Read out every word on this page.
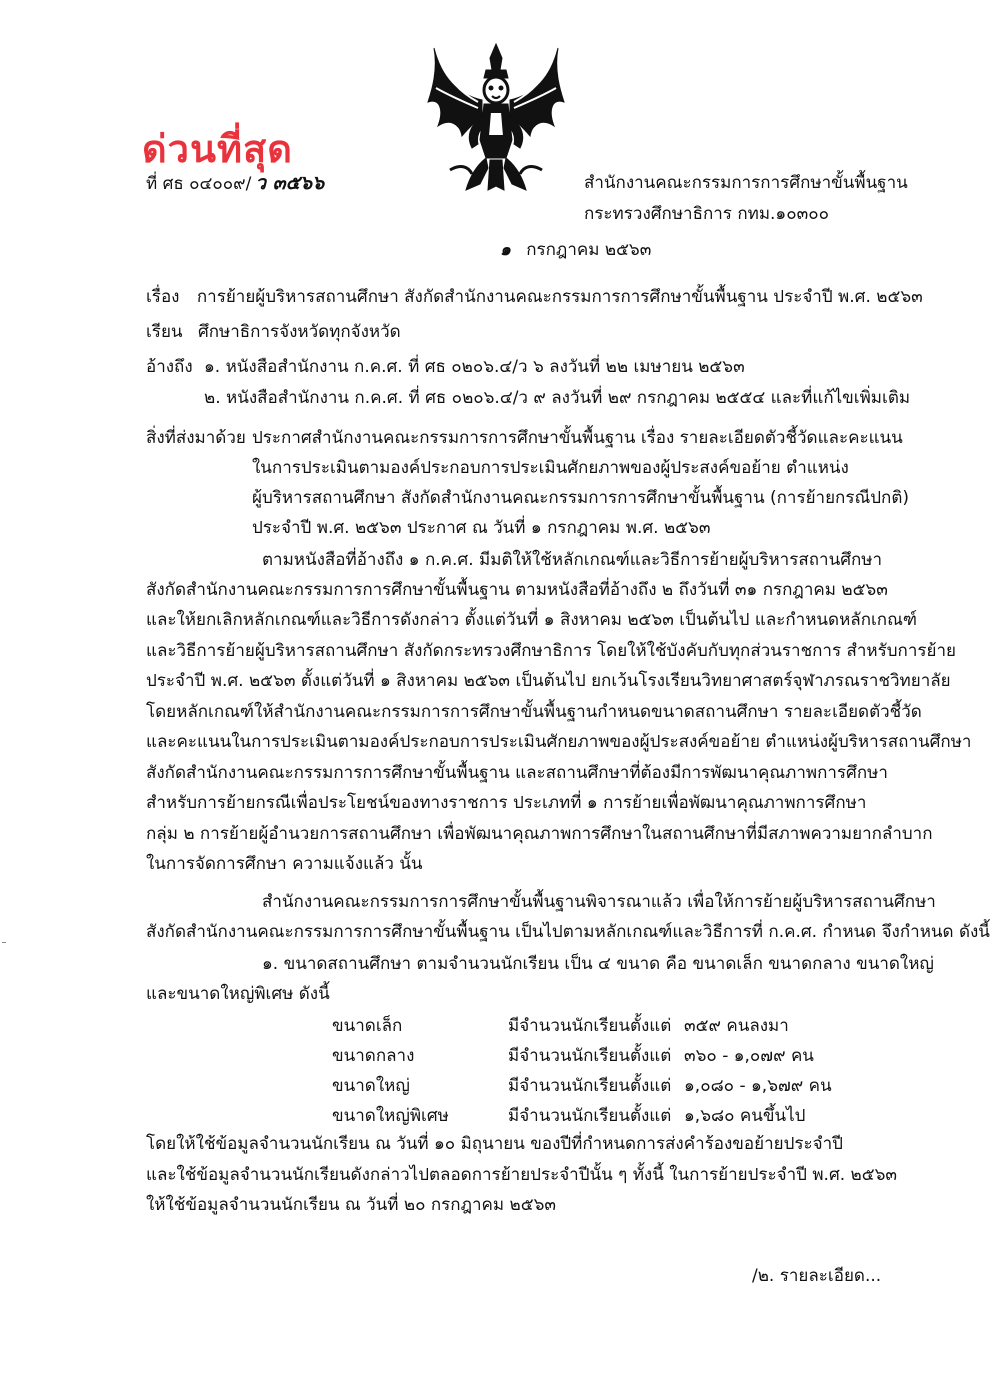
ด่วนที่สุด
ที่ ศธ ๐๔๐๐๙/ ว ๓๕๖๖	สำนักงานคณะกรรมการการศึกษาขั้นพื้นฐาน
กระทรวงศึกษาธิการ กทม.๑๐๓๐๐
๑ กรกฎาคม ๒๕๖๓
เรื่อง การย้ายผู้บริหารสถานศึกษา สังกัดสำนักงานคณะกรรมการการศึกษาขั้นพื้นฐาน ประจำปี พ.ศ. ๒๕๖๓
เรียน ศึกษาธิการจังหวัดทุกจังหวัด
อ้างถึง ๑. หนังสือสำนักงาน ก.ค.ศ. ที่ ศธ ๐๒๐๖.๔/ว ๖ ลงวันที่ ๒๒ เมษายน ๒๕๖๓
๒. หนังสือสำนักงาน ก.ค.ศ. ที่ ศธ ๐๒๐๖.๔/ว ๙ ลงวันที่ ๒๙ กรกฎาคม ๒๕๕๔ และที่แก้ไขเพิ่มเติม
สิ่งที่ส่งมาด้วย ประกาศสำนักงานคณะกรรมการการศึกษาขั้นพื้นฐาน เรื่อง รายละเอียดตัวชี้วัดและคะแนน
ในการประเมินตามองค์ประกอบการประเมินศักยภาพของผู้ประสงค์ขอย้าย ตำแหน่ง
ผู้บริหารสถานศึกษา สังกัดสำนักงานคณะกรรมการการศึกษาขั้นพื้นฐาน (การย้ายกรณีปกติ)
ประจำปี พ.ศ. ๒๕๖๓ ประกาศ ณ วันที่ ๑ กรกฎาคม พ.ศ. ๒๕๖๓
ตามหนังสือที่อ้างถึง ๑ ก.ค.ศ. มีมติให้ใช้หลักเกณฑ์และวิธีการย้ายผู้บริหารสถานศึกษา
สังกัดสำนักงานคณะกรรมการการศึกษาขั้นพื้นฐาน ตามหนังสือที่อ้างถึง ๒ ถึงวันที่ ๓๑ กรกฎาคม ๒๕๖๓
และให้ยกเลิกหลักเกณฑ์และวิธีการดังกล่าว ตั้งแต่วันที่ ๑ สิงหาคม ๒๕๖๓ เป็นต้นไป และกำหนดหลักเกณฑ์
และวิธีการย้ายผู้บริหารสถานศึกษา สังกัดกระทรวงศึกษาธิการ โดยให้ใช้บังคับกับทุกส่วนราชการ สำหรับการย้าย
ประจำปี พ.ศ. ๒๕๖๓ ตั้งแต่วันที่ ๑ สิงหาคม ๒๕๖๓ เป็นต้นไป ยกเว้นโรงเรียนวิทยาศาสตร์จุฬาภรณราชวิทยาลัย
โดยหลักเกณฑ์ให้สำนักงานคณะกรรมการการศึกษาขั้นพื้นฐานกำหนดขนาดสถานศึกษา รายละเอียดตัวชี้วัด
และคะแนนในการประเมินตามองค์ประกอบการประเมินศักยภาพของผู้ประสงค์ขอย้าย ตำแหน่งผู้บริหารสถานศึกษา
สังกัดสำนักงานคณะกรรมการการศึกษาขั้นพื้นฐาน และสถานศึกษาที่ต้องมีการพัฒนาคุณภาพการศึกษา
สำหรับการย้ายกรณีเพื่อประโยชน์ของทางราชการ ประเภทที่ ๑ การย้ายเพื่อพัฒนาคุณภาพการศึกษา
กลุ่ม ๒ การย้ายผู้อำนวยการสถานศึกษา เพื่อพัฒนาคุณภาพการศึกษาในสถานศึกษาที่มีสภาพความยากลำบาก
ในการจัดการศึกษา ความแจ้งแล้ว นั้น
สำนักงานคณะกรรมการการศึกษาขั้นพื้นฐานพิจารณาแล้ว เพื่อให้การย้ายผู้บริหารสถานศึกษา
สังกัดสำนักงานคณะกรรมการการศึกษาขั้นพื้นฐาน เป็นไปตามหลักเกณฑ์และวิธีการที่ ก.ค.ศ. กำหนด จึงกำหนด ดังนี้
๑. ขนาดสถานศึกษา ตามจำนวนนักเรียน เป็น ๔ ขนาด คือ ขนาดเล็ก ขนาดกลาง ขนาดใหญ่
และขนาดใหญ่พิเศษ ดังนี้
ขนาดเล็ก	มีจำนวนนักเรียนตั้งแต่ ๓๕๙ คนลงมา
ขนาดกลาง	มีจำนวนนักเรียนตั้งแต่ ๓๖๐ - ๑,๐๗๙ คน
ขนาดใหญ่	มีจำนวนนักเรียนตั้งแต่ ๑,๐๘๐ - ๑,๖๗๙ คน
ขนาดใหญ่พิเศษ	มีจำนวนนักเรียนตั้งแต่ ๑,๖๘๐ คนขึ้นไป
โดยให้ใช้ข้อมูลจำนวนนักเรียน ณ วันที่ ๑๐ มิถุนายน ของปีที่กำหนดการส่งคำร้องขอย้ายประจำปี
และใช้ข้อมูลจำนวนนักเรียนดังกล่าวไปตลอดการย้ายประจำปีนั้น ๆ ทั้งนี้ ในการย้ายประจำปี พ.ศ. ๒๕๖๓
ให้ใช้ข้อมูลจำนวนนักเรียน ณ วันที่ ๒๐ กรกฎาคม ๒๕๖๓
/๒. รายละเอียด...
